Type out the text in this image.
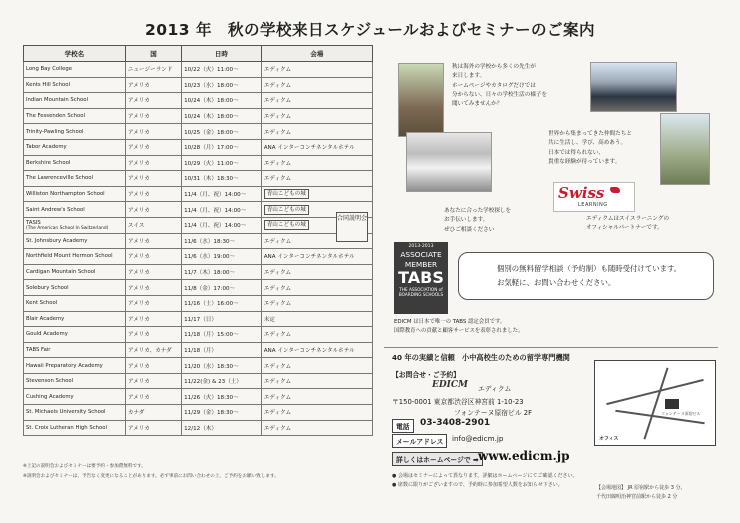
2013 年　秋の学校来日スケジュールおよびセミナーのご案内
学校名	国	日時	会場
Long Bay College	ニュージーランド	10/22（火）11:00〜	エディクム
Kents Hill School	アメリカ	10/23（水）18:00〜	エディクム
Indian Mountain School	アメリカ	10/24（木）18:00〜	エディクム
The Fessenden School	アメリカ	10/24（木）18:00〜	エディクム
Trinity-Pawling School	アメリカ	10/25（金）18:00〜	エディクム
Tabor Academy	アメリカ	10/28（月）17:00〜	ANA インターコンチネンタルホテル
Berkshire School	アメリカ	10/29（火）11:00〜	エディクム
The Lawrenceville School	アメリカ	10/31（木）18:30〜	エディクム
Williston Northampton School	アメリカ	11/4（月、祝）14:00〜	青山こどもの城
Saint Andrew's School	アメリカ	11/4（月、祝）14:00〜	青山こどもの城
TASIS
(The American School In Switzerland)	スイス	11/4（月、祝）14:00〜	青山こどもの城
St. Johnsbury Academy	アメリカ	11/6（水）18:30〜	エディクム
Northfield Mount Hermon School	アメリカ	11/6（水）19:00〜	ANA インターコンチネンタルホテル
Cardigan Mountain School	アメリカ	11/7（木）18:00〜	エディクム
Solebury School	アメリカ	11/8（金）17:00〜	エディクム
Kent School	アメリカ	11/16（土）16:00〜	エディクム
Blair Academy	アメリカ	11/17（日）	未定
Gould Academy	アメリカ	11/18（月）15:00〜	エディクム
TABS Fair	アメリカ、カナダ	11/18（月）	ANA インターコンチネンタルホテル
Hawaii Preparatory Academy	アメリカ	11/20（水）18:30〜	エディクム
Stevenson School	アメリカ	11/22(金) & 23（土）	エディクム
Cushing Academy	アメリカ	11/26（火）18:30〜	エディクム
St. Michaels University School	カナダ	11/29（金）18:30〜	エディクム
St. Croix Lutheran High School	アメリカ	12/12（木）	エディクム
合同説明会
※上記の説明会およびセミナーは要予約・参加費無料です。
※説明会およびセミナーは、予告なく変更になることがあります。必ず事前にお問い合わせの上、ご予約をお願い致します。
秋は海外の学校から多くの先生が
来日します。
ホームページやカタログだけでは
分からない、日々の学校生活の様子を
聞いてみませんか？
世界から集まってきた仲間たちと
共に生活し、学び、高めあう。
日本では得られない、
貴重な経験が待っています。
あなたに合った学校探しを
お手伝いします。
ぜひご相談ください
Swiss
LEARNING
エディクムはスイスラーニングの
オフィシャルパートナーです。
2013-2013
ASSOCIATE
MEMBER
TABS
THE ASSOCIATION of BOARDING SCHOOLS
個別の無料留学相談（予約制）も随時受付けています。
お気軽に、お問い合わせください。
EDICM は日本で唯一の TABS 認定会員です。
国際教育への貢献と顧客サービスを表彰されました。
40 年の実績と信頼　小中高校生のための留学専門機関
【お問合せ・ご予約】
EDICM エディクム
〒150-0001 東京都渋谷区神宮前 1-10-23
フォンテーヌ原宿ビル 2F
電話	03-3408-2901
メールアドレス	info@edicm.jp
詳しくはホームページで ➡ www.edicm.jp
● 会場はセミナーによって異なります。詳細はホームページにてご確認ください。
● 席数に限りがございますので、予約時に参加希望人数をお知らせ下さい。
フォンテーヌ原宿ビル
オフィス
【会場地図】 JR 原宿駅から徒歩 3 分、
千代田線明治神宮前駅から徒歩 2 分
